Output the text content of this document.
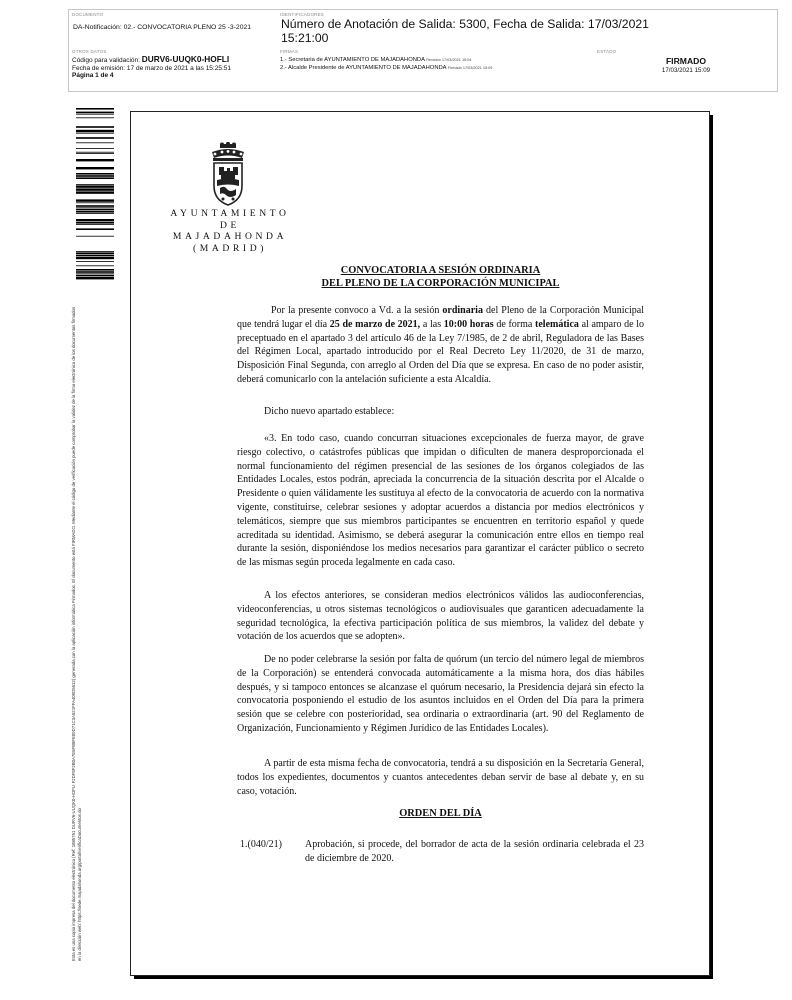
DOCUMENTO
DA-Notificación: 02.- CONVOCATORIA PLENO 25 -3-2021
IDENTIFICADORES
Número de Anotación de Salida: 5300, Fecha de Salida: 17/03/2021 15:21:00
OTROS DATOS
Código para validación: DURV6-UUQK0-HOFLI
Fecha de emisión: 17 de marzo de 2021 a las 15:25:51
Página 1 de 4
FIRMAS
1.- Secretaria de AYUNTAMIENTO DE MAJADAHONDA Revisión 17/03/2021 15:04
2.- Alcalde Presidente de AYUNTAMIENTO DE MAJADAHONDA Firmado 17/03/2021 15:09
ESTADO
FIRMADO
17/03/2021 15:09
Esta es una copia impresa del documento electrónico (Ref: 1885751 DURV6-UUQK0-HOFLI F2DF8F2B0A7E6FB8FE09D71C3A521FFA409D5612) generada con la aplicación informática Firmadoc. El documento está FIRMADO. Mediante el código de verificación puede comprobar la validez de la firma electrónica de los documentos firmados en la dirección web: https://sede.majadahonda.org/portal/verificaDocumentos.do
AYUNTAMIENTO DE
MAJADAHONDA
(MADRID)
CONVOCATORIA A SESIÓN ORDINARIA
DEL PLENO DE LA CORPORACIÓN MUNICIPAL

Por la presente convoco a Vd. a la sesión ordinaria del Pleno de la Corporación Municipal que tendrá lugar el día 25 de marzo de 2021, a las 10:00 horas de forma telemática al amparo de lo preceptuado en el apartado 3 del artículo 46 de la Ley 7/1985, de 2 de abril, Reguladora de las Bases del Régimen Local, apartado introducido por el Real Decreto Ley 11/2020, de 31 de marzo, Disposición Final Segunda, con arreglo al Orden del Día que se expresa. En caso de no poder asistir, deberá comunicarlo con la antelación suficiente a esta Alcaldía.

Dicho nuevo apartado establece:

«3. En todo caso, cuando concurran situaciones excepcionales de fuerza mayor, de grave riesgo colectivo, o catástrofes públicas que impidan o dificulten de manera desproporcionada el normal funcionamiento del régimen presencial de las sesiones de los órganos colegiados de las Entidades Locales, estos podrán, apreciada la concurrencia de la situación descrita por el Alcalde o Presidente o quien válidamente les sustituya al efecto de la convocatoria de acuerdo con la normativa vigente, constituirse, celebrar sesiones y adoptar acuerdos a distancia por medios electrónicos y telemáticos, siempre que sus miembros participantes se encuentren en territorio español y quede acreditada su identidad. Asimismo, se deberá asegurar la comunicación entre ellos en tiempo real durante la sesión, disponiéndose los medios necesarios para garantizar el carácter público o secreto de las mismas según proceda legalmente en cada caso.

A los efectos anteriores, se consideran medios electrónicos válidos las audioconferencias, videoconferencias, u otros sistemas tecnológicos o audiovisuales que garanticen adecuadamente la seguridad tecnológica, la efectiva participación política de sus miembros, la validez del debate y votación de los acuerdos que se adopten».

De no poder celebrarse la sesión por falta de quórum (un tercio del número legal de miembros de la Corporación) se entenderá convocada automáticamente a la misma hora, dos días hábiles después, y si tampoco entonces se alcanzase el quórum necesario, la Presidencia dejará sin efecto la convocatoria posponiendo el estudio de los asuntos incluidos en el Orden del Día para la primera sesión que se celebre con posterioridad, sea ordinaria o extraordinaria (art. 90 del Reglamento de Organización, Funcionamiento y Régimen Jurídico de las Entidades Locales).

A partir de esta misma fecha de convocatoria, tendrá a su disposición en la Secretaría General, todos los expedientes, documentos y cuantos antecedentes deban servir de base al debate y, en su caso, votación.

ORDEN DEL DÍA
1.(040/21) Aprobación, si procede, del borrador de acta de la sesión ordinaria celebrada el 23 de diciembre de 2020.
